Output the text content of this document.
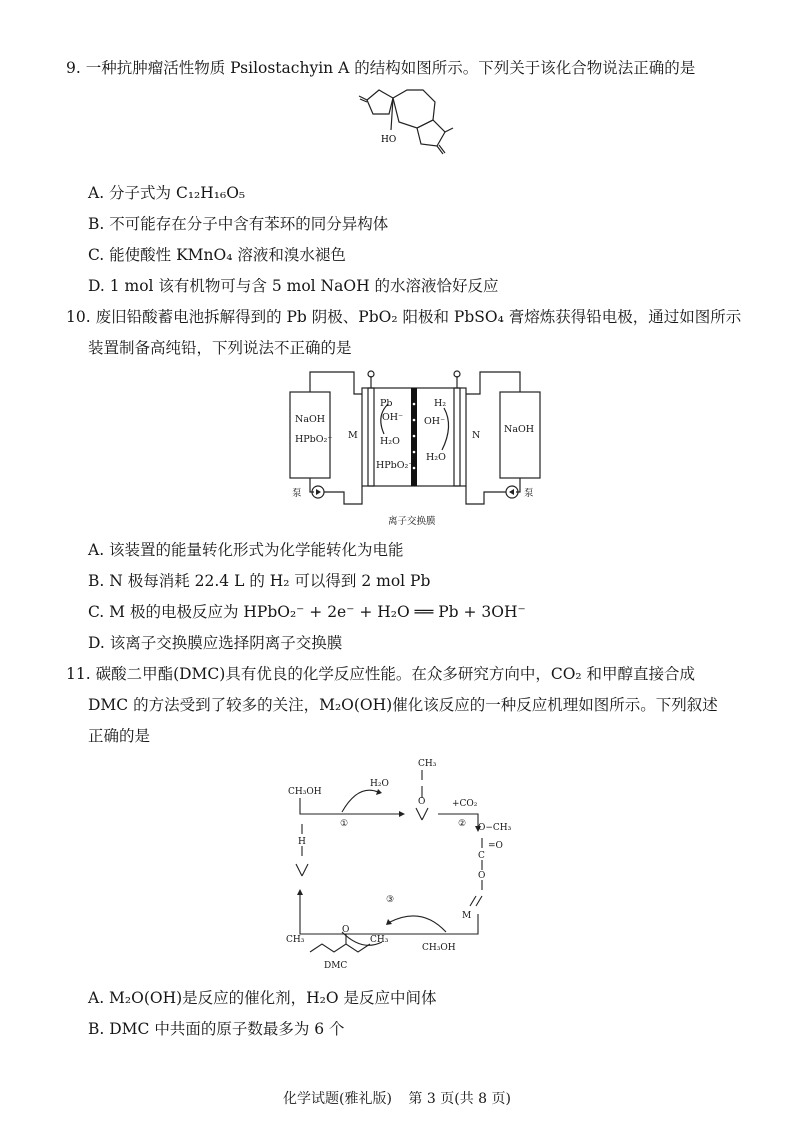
9. 一种抗肿瘤活性物质 Psilostachyin A 的结构如图所示。下列关于该化合物说法正确的是
HO
A. 分子式为 C₁₂H₁₆O₅
B. 不可能存在分子中含有苯环的同分异构体
C. 能使酸性 KMnO₄ 溶液和溴水褪色
D. 1 mol 该有机物可与含 5 mol NaOH 的水溶液恰好反应
10. 废旧铅酸蓄电池拆解得到的 Pb 阴极、PbO₂ 阳极和 PbSO₄ 膏熔炼获得铅电极，通过如图所示
装置制备高纯铅，下列说法不正确的是
NaOH
HPbO₂⁻ M
Pb
OH⁻
H₂O
HPbO₂⁻
H₂
OH⁻
N
H₂O
NaOH
泵	泵
离子交换膜
A. 该装置的能量转化形式为化学能转化为电能
B. N 极每消耗 22.4 L 的 H₂ 可以得到 2 mol Pb
C. M 极的电极反应为 HPbO₂⁻ + 2e⁻ + H₂O ══ Pb + 3OH⁻
D. 该离子交换膜应选择阴离子交换膜
11. 碳酸二甲酯(DMC)具有优良的化学反应性能。在众多研究方向中，CO₂ 和甲醇直接合成
DMC 的方法受到了较多的关注，M₂O(OH)催化该反应的一种反应机理如图所示。下列叙述
正确的是
CH₃OH
H₂O
①
CH₃
+CO₂
② O−CH₃
C
=O
O
O
M
H
③
CH₃	CH₃
O
DMC
CH₃OH
A. M₂O(OH)是反应的催化剂，H₂O 是反应中间体
B. DMC 中共面的原子数最多为 6 个
化学试题(雅礼版) 第 3 页(共 8 页)
